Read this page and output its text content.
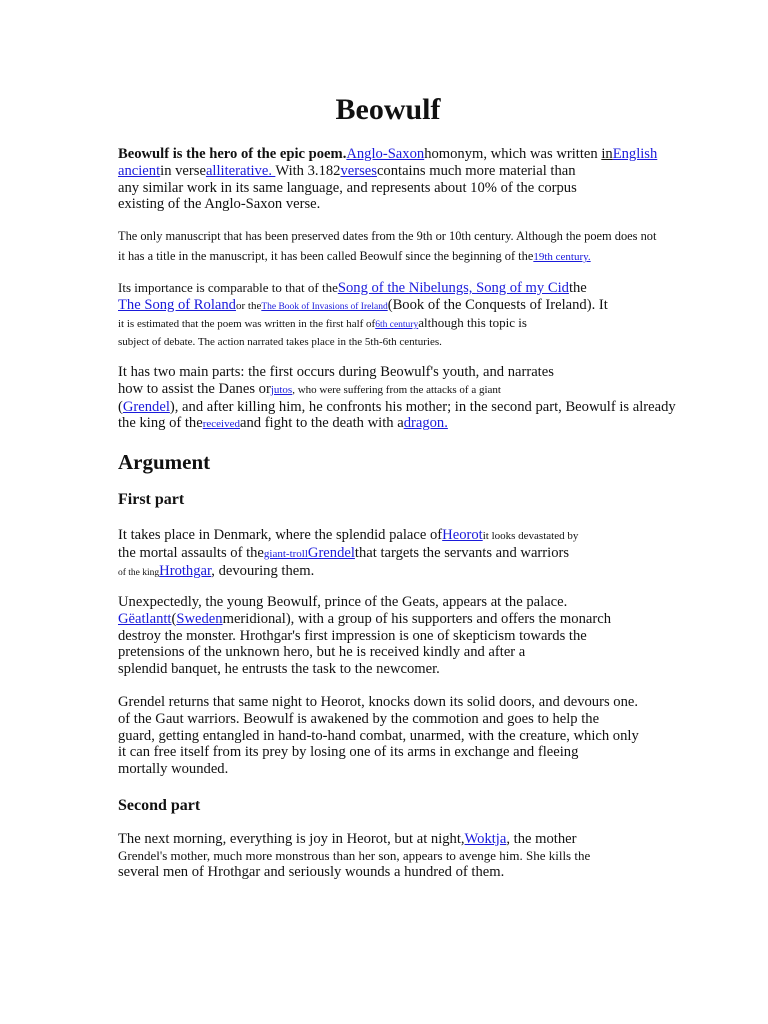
Beowulf
Beowulf is the hero of the epic poem.Anglo-Saxonhomonym, which was written inEnglish
ancientin versealliterative. With 3.182versescontains much more material than
any similar work in its same language, and represents about 10% of the corpus
existing of the Anglo-Saxon verse.
The only manuscript that has been preserved dates from the 9th or 10th century. Although the poem does not
it has a title in the manuscript, it has been called Beowulf since the beginning of the19th century.
Its importance is comparable to that of theSong of the Nibelungs, Song of my Cidthe
The Song of Rolandor theThe Book of Invasions of Ireland(Book of the Conquests of Ireland). It
it is estimated that the poem was written in the first half of6th centuryalthough this topic is
subject of debate. The action narrated takes place in the 5th-6th centuries.
It has two main parts: the first occurs during Beowulf's youth, and narrates
how to assist the Danes orjutos, who were suffering from the attacks of a giant
(Grendel), and after killing him, he confronts his mother; in the second part, Beowulf is already
the king of thereceivedand fight to the death with adragon.
Argument
First part
It takes place in Denmark, where the splendid palace ofHeorotit looks devastated by
the mortal assaults of thegiant-trollGrendelthat targets the servants and warriors
of the kingHrothgar, devouring them.
Unexpectedly, the young Beowulf, prince of the Geats, appears at the palace.
Gëatlantt(Swedenmeridional), with a group of his supporters and offers the monarch
destroy the monster. Hrothgar's first impression is one of skepticism towards the
pretensions of the unknown hero, but he is received kindly and after a
splendid banquet, he entrusts the task to the newcomer.
Grendel returns that same night to Heorot, knocks down its solid doors, and devours one.
of the Gaut warriors. Beowulf is awakened by the commotion and goes to help the
guard, getting entangled in hand-to-hand combat, unarmed, with the creature, which only
it can free itself from its prey by losing one of its arms in exchange and fleeing
mortally wounded.
Second part
The next morning, everything is joy in Heorot, but at night,Woktja, the mother
Grendel's mother, much more monstrous than her son, appears to avenge him. She kills the
several men of Hrothgar and seriously wounds a hundred of them.
